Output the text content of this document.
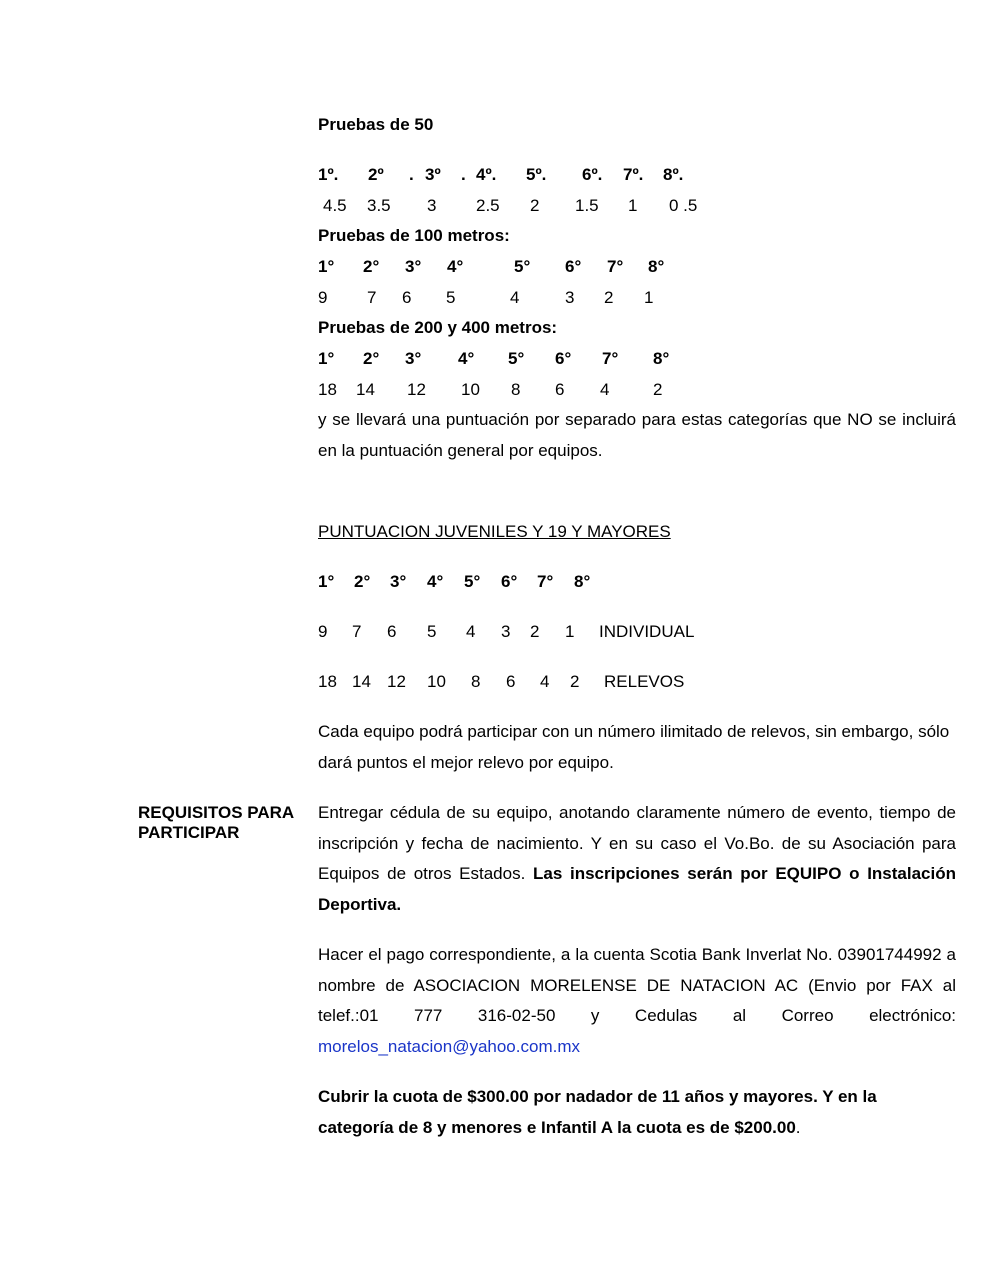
Pruebas de 50
1º. 2º . 3º . 4º. 5º. 6º. 7º. 8º.
4.5 3.5 3 2.5 2 1.5 1 0 .5
Pruebas de 100 metros:
1° 2° 3° 4°	5° 6° 7° 8°
9 7 6 5	4	3 2 1
Pruebas de 200 y 400 metros:
1° 2° 3° 4° 5° 6° 7° 8°
18 14 12 10 8 6 4	2
y se llevará una puntuación por separado para estas categorías que NO se incluirá en la puntuación general por equipos.
PUNTUACION JUVENILES Y 19 Y MAYORES
1° 2° 3° 4° 5° 6° 7° 8°
9 7 6 5 4 3 2 1 INDIVIDUAL
18 14 12 10 8 6 4 2 RELEVOS
Cada equipo podrá participar con un número ilimitado de relevos, sin embargo, sólo dará puntos el mejor relevo por equipo.
REQUISITOS PARA
PARTICIPAR
Entregar cédula de su equipo, anotando claramente número de evento, tiempo de inscripción y fecha de nacimiento. Y en su caso el Vo.Bo. de su Asociación para Equipos de otros Estados. Las inscripciones serán por EQUIPO o Instalación Deportiva.
Hacer el pago correspondiente, a la cuenta Scotia Bank Inverlat No. 03901744992 a nombre de ASOCIACION MORELENSE DE NATACION AC (Envio por FAX al telef.:01 777 316-02-50 y Cedulas al Correo electrónico: morelos_natacion@yahoo.com.mx
Cubrir la cuota de $300.00 por nadador de 11 años y mayores. Y en la categoría de 8 y menores e Infantil A la cuota es de $200.00.
